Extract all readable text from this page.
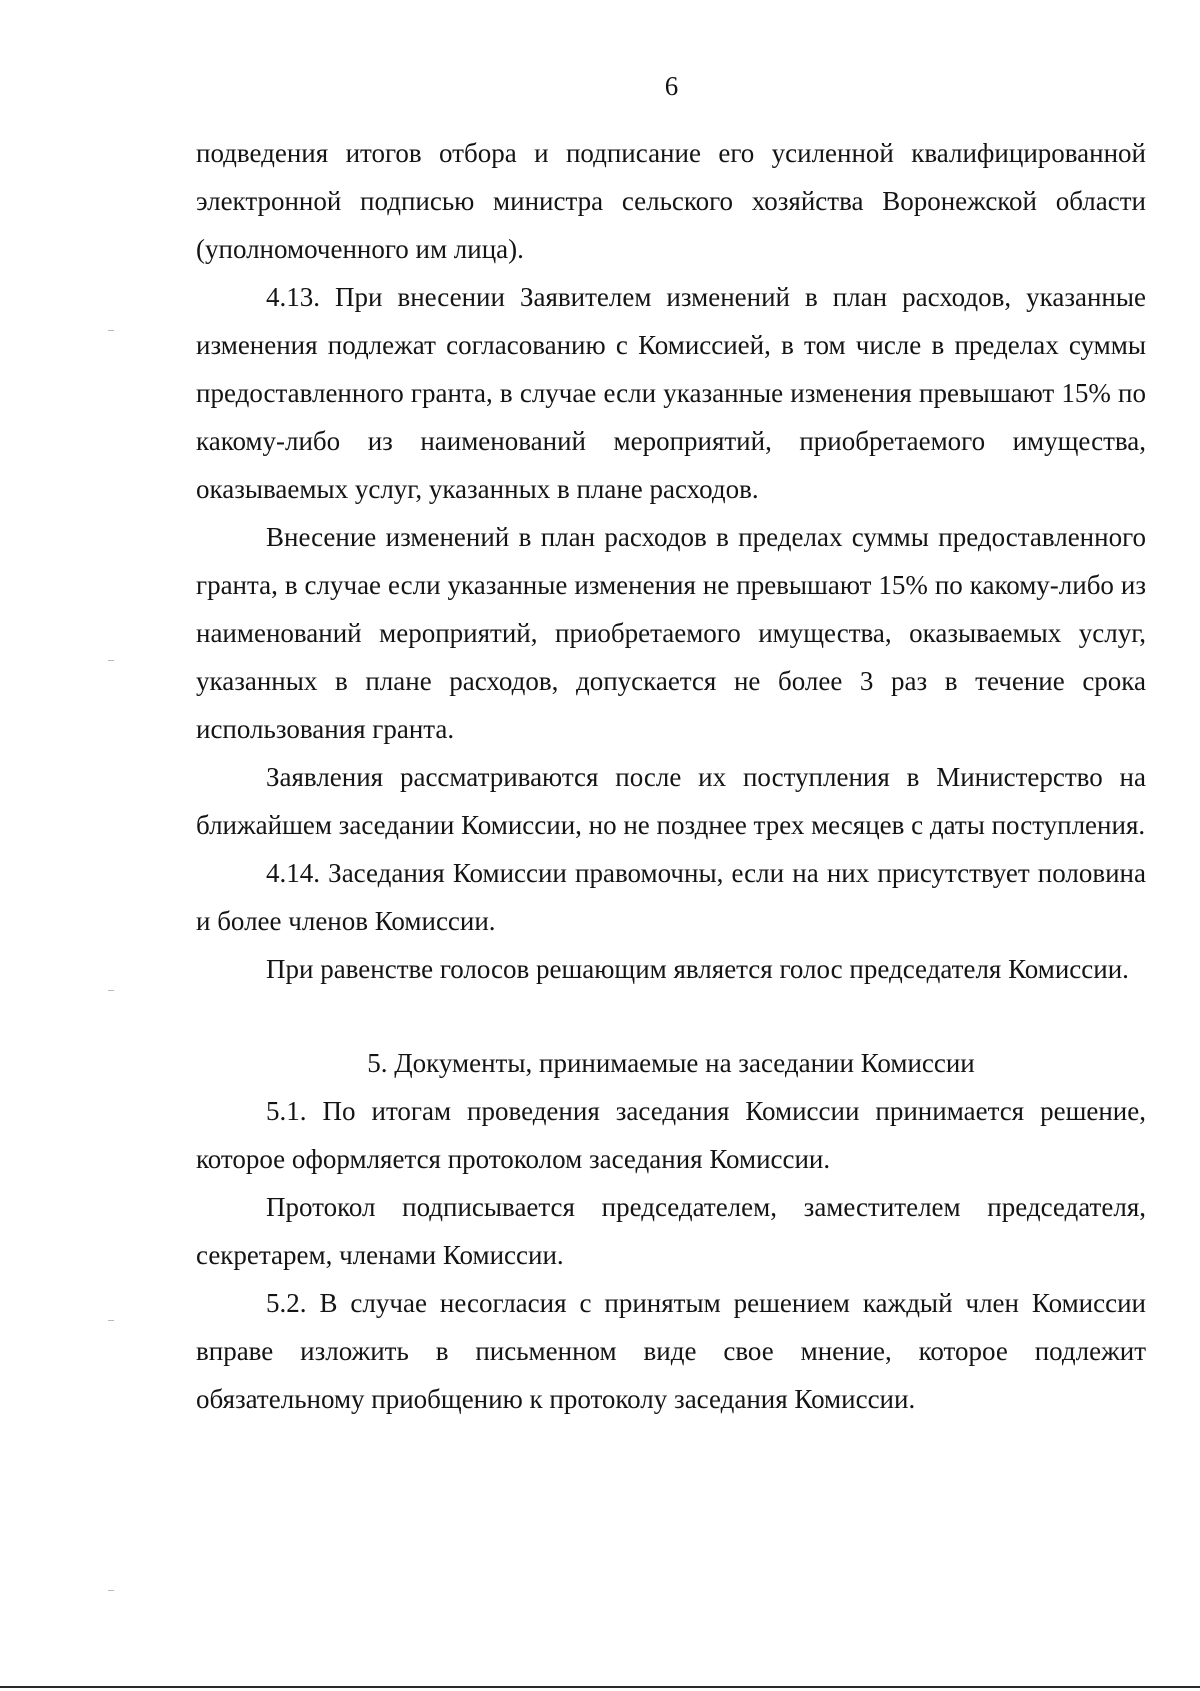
6

подведения итогов отбора и подписание его усиленной квалифицированной электронной подписью министра сельского хозяйства Воронежской области (уполномоченного им лица).

4.13. При внесении Заявителем изменений в план расходов, указанные изменения подлежат согласованию с Комиссией, в том числе в пределах суммы предоставленного гранта, в случае если указанные изменения превышают 15% по какому-либо из наименований мероприятий, приобретаемого имущества, оказываемых услуг, указанных в плане расходов.

Внесение изменений в план расходов в пределах суммы предоставленного гранта, в случае если указанные изменения не превышают 15% по какому-либо из наименований мероприятий, приобретаемого имущества, оказываемых услуг, указанных в плане расходов, допускается не более 3 раз в течение срока использования гранта.

Заявления рассматриваются после их поступления в Министерство на ближайшем заседании Комиссии, но не позднее трех месяцев с даты поступления.

4.14. Заседания Комиссии правомочны, если на них присутствует половина и более членов Комиссии.

При равенстве голосов решающим является голос председателя Комиссии.

5. Документы, принимаемые на заседании Комиссии

5.1. По итогам проведения заседания Комиссии принимается решение, которое оформляется протоколом заседания Комиссии.

Протокол подписывается председателем, заместителем председателя, секретарем, членами Комиссии.

5.2. В случае несогласия с принятым решением каждый член Комиссии вправе изложить в письменном виде свое мнение, которое подлежит обязательному приобщению к протоколу заседания Комиссии.
